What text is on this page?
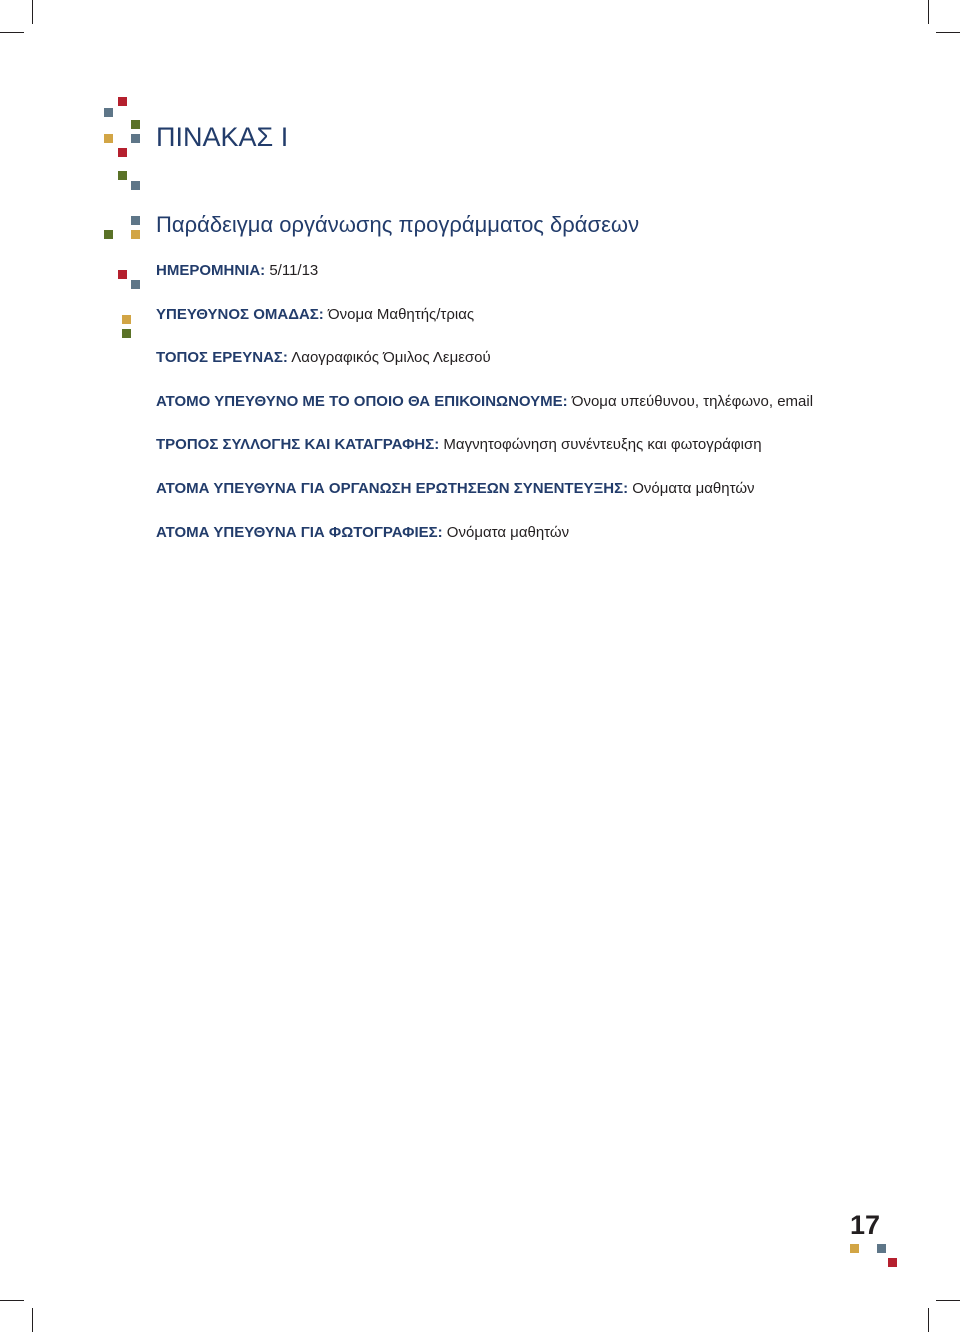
ΠΙΝΑΚΑΣ Ι
Παράδειγμα οργάνωσης προγράμματος δράσεων
ΗΜΕΡΟΜΗΝΙΑ: 5/11/13
ΥΠΕΥΘΥΝΟΣ ΟΜΑΔΑΣ: Όνομα Μαθητής/τριας
ΤΟΠΟΣ ΕΡΕΥΝΑΣ: Λαογραφικός Όμιλος Λεμεσού
ΑΤΟΜΟ ΥΠΕΥΘΥΝΟ ΜΕ ΤΟ ΟΠΟΙΟ ΘΑ ΕΠΙΚΟΙΝΩΝΟΥΜΕ: Όνομα υπεύθυνου, τηλέφωνο, email
ΤΡΟΠΟΣ ΣΥΛΛΟΓΗΣ ΚΑΙ ΚΑΤΑΓΡΑΦΗΣ: Μαγνητοφώνηση συνέντευξης και φωτογράφιση
ΑΤΟΜΑ ΥΠΕΥΘΥΝΑ ΓΙΑ ΟΡΓΑΝΩΣΗ ΕΡΩΤΗΣΕΩΝ ΣΥΝΕΝΤΕΥΞΗΣ: Ονόματα μαθητών
ΑΤΟΜΑ ΥΠΕΥΘΥΝΑ ΓΙΑ ΦΩΤΟΓΡΑΦΙΕΣ: Ονόματα μαθητών
17
